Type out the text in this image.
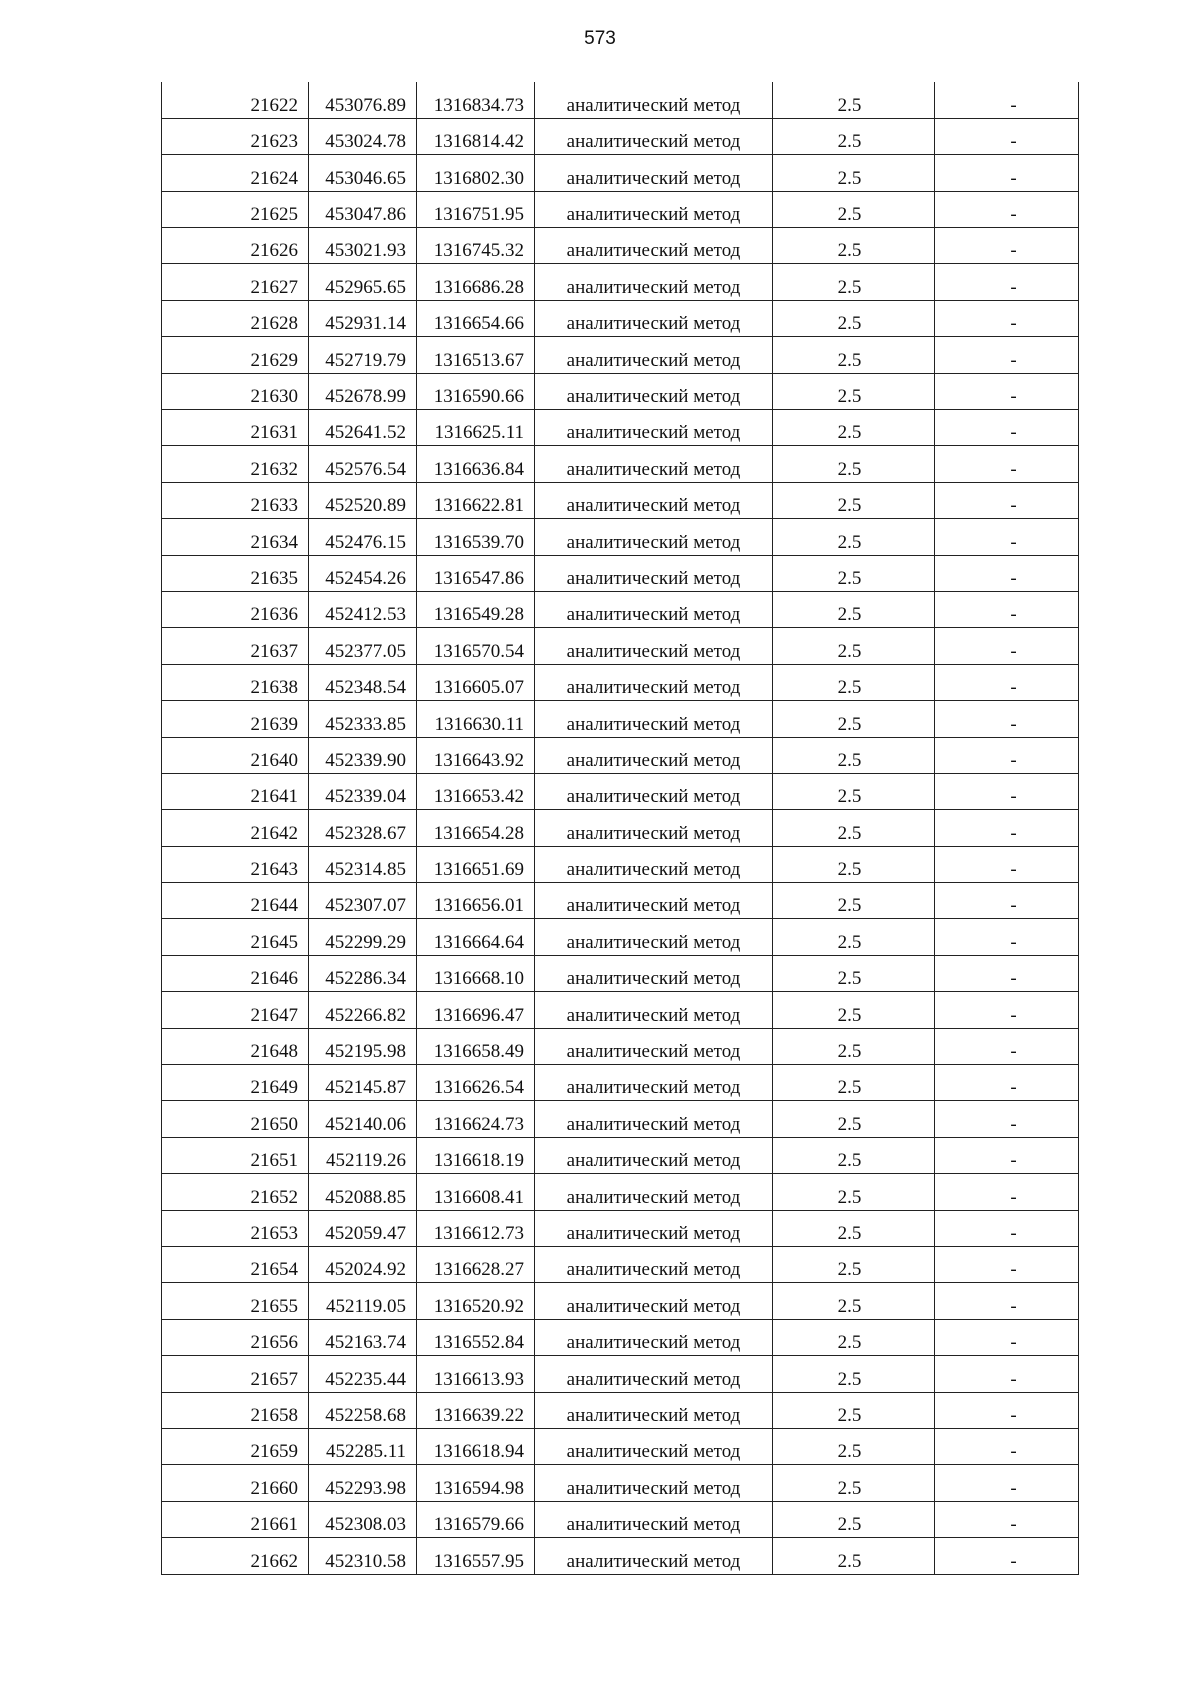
573
21622	453076.89	1316834.73	аналитический метод	2.5	-
21623	453024.78	1316814.42	аналитический метод	2.5	-
21624	453046.65	1316802.30	аналитический метод	2.5	-
21625	453047.86	1316751.95	аналитический метод	2.5	-
21626	453021.93	1316745.32	аналитический метод	2.5	-
21627	452965.65	1316686.28	аналитический метод	2.5	-
21628	452931.14	1316654.66	аналитический метод	2.5	-
21629	452719.79	1316513.67	аналитический метод	2.5	-
21630	452678.99	1316590.66	аналитический метод	2.5	-
21631	452641.52	1316625.11	аналитический метод	2.5	-
21632	452576.54	1316636.84	аналитический метод	2.5	-
21633	452520.89	1316622.81	аналитический метод	2.5	-
21634	452476.15	1316539.70	аналитический метод	2.5	-
21635	452454.26	1316547.86	аналитический метод	2.5	-
21636	452412.53	1316549.28	аналитический метод	2.5	-
21637	452377.05	1316570.54	аналитический метод	2.5	-
21638	452348.54	1316605.07	аналитический метод	2.5	-
21639	452333.85	1316630.11	аналитический метод	2.5	-
21640	452339.90	1316643.92	аналитический метод	2.5	-
21641	452339.04	1316653.42	аналитический метод	2.5	-
21642	452328.67	1316654.28	аналитический метод	2.5	-
21643	452314.85	1316651.69	аналитический метод	2.5	-
21644	452307.07	1316656.01	аналитический метод	2.5	-
21645	452299.29	1316664.64	аналитический метод	2.5	-
21646	452286.34	1316668.10	аналитический метод	2.5	-
21647	452266.82	1316696.47	аналитический метод	2.5	-
21648	452195.98	1316658.49	аналитический метод	2.5	-
21649	452145.87	1316626.54	аналитический метод	2.5	-
21650	452140.06	1316624.73	аналитический метод	2.5	-
21651	452119.26	1316618.19	аналитический метод	2.5	-
21652	452088.85	1316608.41	аналитический метод	2.5	-
21653	452059.47	1316612.73	аналитический метод	2.5	-
21654	452024.92	1316628.27	аналитический метод	2.5	-
21655	452119.05	1316520.92	аналитический метод	2.5	-
21656	452163.74	1316552.84	аналитический метод	2.5	-
21657	452235.44	1316613.93	аналитический метод	2.5	-
21658	452258.68	1316639.22	аналитический метод	2.5	-
21659	452285.11	1316618.94	аналитический метод	2.5	-
21660	452293.98	1316594.98	аналитический метод	2.5	-
21661	452308.03	1316579.66	аналитический метод	2.5	-
21662	452310.58	1316557.95	аналитический метод	2.5	-
